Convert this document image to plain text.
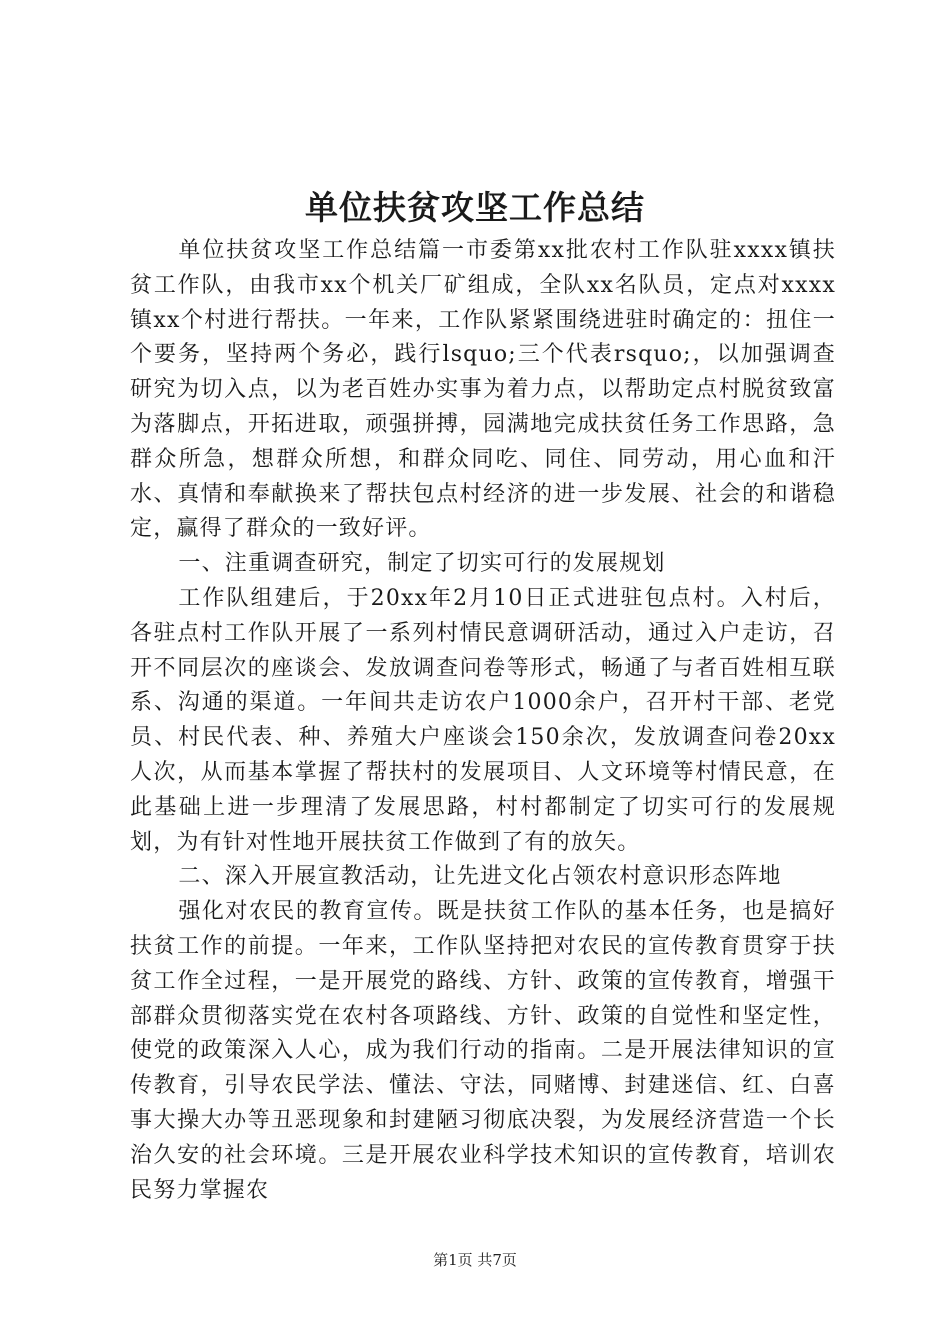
单位扶贫攻坚工作总结

单位扶贫攻坚工作总结篇一市委第xx批农村工作队驻xxxx镇扶贫工作队，由我市xx个机关厂矿组成，全队xx名队员，定点对xxxx镇xx个村进行帮扶。一年来，工作队紧紧围绕进驻时确定的：扭住一个要务，坚持两个务必，践行lsquo;三个代表rsquo;，以加强调查研究为切入点，以为老百姓办实事为着力点，以帮助定点村脱贫致富为落脚点，开拓进取，顽强拼搏，园满地完成扶贫任务工作思路，急群众所急，想群众所想，和群众同吃、同住、同劳动，用心血和汗水、真情和奉献换来了帮扶包点村经济的进一步发展、社会的和谐稳定，赢得了群众的一致好评。

一、注重调查研究，制定了切实可行的发展规划

工作队组建后，于20xx年2月10日正式进驻包点村。入村后，各驻点村工作队开展了一系列村情民意调研活动，通过入户走访，召开不同层次的座谈会、发放调查问卷等形式，畅通了与者百姓相互联系、沟通的渠道。一年间共走访农户1000余户，召开村干部、老党员、村民代表、种、养殖大户座谈会150余次，发放调查问卷20xx人次，从而基本掌握了帮扶村的发展项目、人文环境等村情民意，在此基础上进一步理清了发展思路，村村都制定了切实可行的发展规划，为有针对性地开展扶贫工作做到了有的放矢。

二、深入开展宣教活动，让先进文化占领农村意识形态阵地

强化对农民的教育宣传。既是扶贫工作队的基本任务，也是搞好扶贫工作的前提。一年来，工作队坚持把对农民的宣传教育贯穿于扶贫工作全过程，一是开展党的路线、方针、政策的宣传教育，增强干部群众贯彻落实党在农村各项路线、方针、政策的自觉性和坚定性，使党的政策深入人心，成为我们行动的指南。二是开展法律知识的宣传教育，引导农民学法、懂法、守法，同赌博、封建迷信、红、白喜事大操大办等丑恶现象和封建陋习彻底决裂，为发展经济营造一个长治久安的社会环境。三是开展农业科学技术知识的宣传教育，培训农民努力掌握农

第1页 共7页
